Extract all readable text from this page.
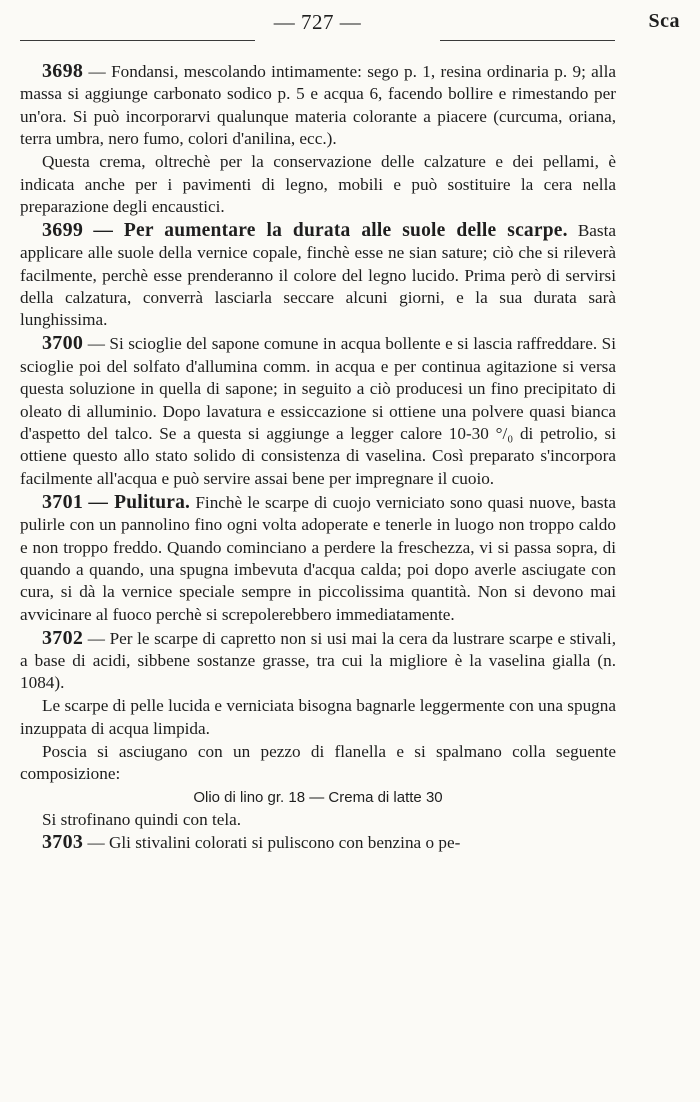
— 727 —	Sca

3698 — Fondansi, mescolando intimamente: sego p. 1, resina ordinaria p. 9; alla massa si aggiunge carbonato sodico p. 5 e acqua 6, facendo bollire e rimestando per un'ora. Si può incorporarvi qualunque materia colorante a piacere (curcuma, oriana, terra umbra, nero fumo, colori d'anilina, ecc.).

Questa crema, oltrechè per la conservazione delle calzature e dei pellami, è indicata anche per i pavimenti di legno, mobili e può sostituire la cera nella preparazione degli encaustici.

3699 — Per aumentare la durata alle suole delle scarpe. Basta applicare alle suole della vernice copale, finchè esse ne sian sature; ciò che si rileverà facilmente, perchè esse prenderanno il colore del legno lucido. Prima però di servirsi della calzatura, converrà lasciarla seccare alcuni giorni, e la sua durata sarà lunghissima.

3700 — Si scioglie del sapone comune in acqua bollente e si lascia raffreddare. Si scioglie poi del solfato d'allumina comm. in acqua e per continua agitazione si versa questa soluzione in quella di sapone; in seguito a ciò producesi un fino precipitato di oleato di alluminio. Dopo lavatura e essiccazione si ottiene una polvere quasi bianca d'aspetto del talco. Se a questa si aggiunge a legger calore 10-30 °/₀ di petrolio, si ottiene questo allo stato solido di consistenza di vaselina. Così preparato s'incorpora facilmente all'acqua e può servire assai bene per impregnare il cuoio.

3701 — Pulitura. Finchè le scarpe di cuojo verniciato sono quasi nuove, basta pulirle con un pannolino fino ogni volta adoperate e tenerle in luogo non troppo caldo e non troppo freddo. Quando cominciano a perdere la freschezza, vi si passa sopra, di quando a quando, una spugna imbevuta d'acqua calda; poi dopo averle asciugate con cura, si dà la vernice speciale sempre in piccolissima quantità. Non si devono mai avvicinare al fuoco perchè si screpolerebbero immediatamente.

3702 — Per le scarpe di capretto non si usi mai la cera da lustrare scarpe e stivali, a base di acidi, sibbene sostanze grasse, tra cui la migliore è la vaselina gialla (n. 1084).

Le scarpe di pelle lucida e verniciata bisogna bagnarle leggermente con una spugna inzuppata di acqua limpida.

Poscia si asciugano con un pezzo di flanella e si spalmano colla seguente composizione:

Olio di lino gr. 18 — Crema di latte 30

Si strofinano quindi con tela.

3703 — Gli stivalini colorati si puliscono con benzina o pe-
